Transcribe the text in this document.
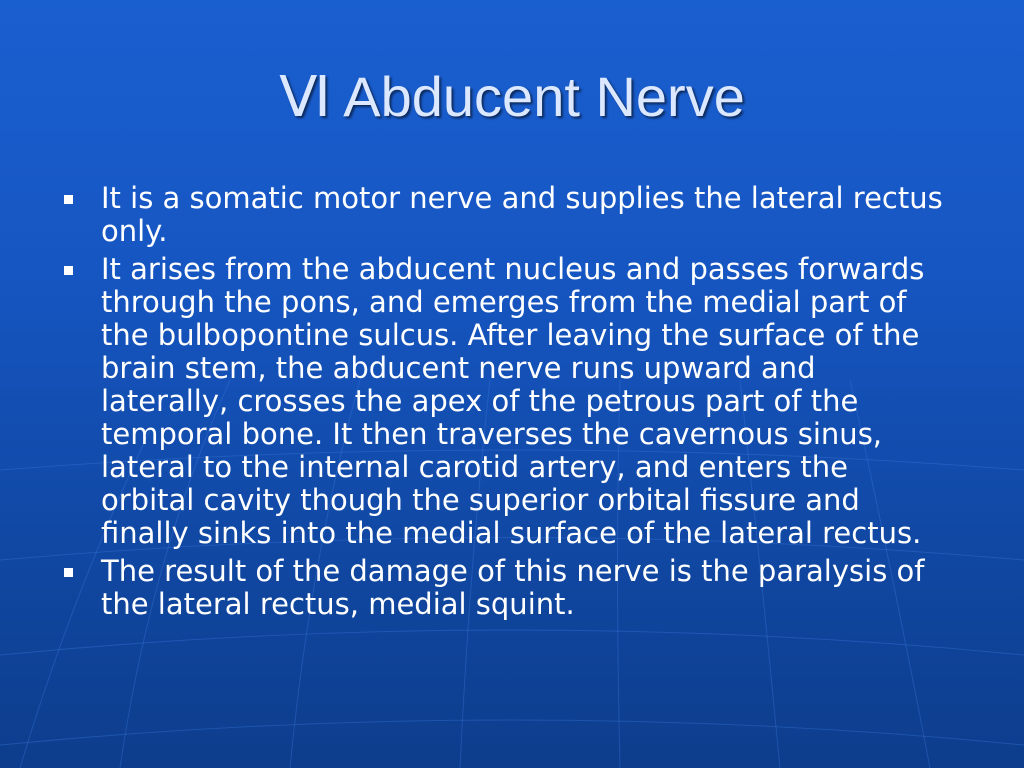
Ⅵ Abducent Nerve
It is a somatic motor nerve and supplies the lateral rectus only.
It arises from the abducent nucleus and passes forwards through the pons, and emerges from the medial part of the bulbopontine sulcus. After leaving the surface of the brain stem, the abducent nerve runs upward and laterally, crosses the apex of the petrous part of the temporal bone. It then traverses the cavernous sinus, lateral to the internal carotid artery, and enters the orbital cavity though the superior orbital fissure and finally sinks into the medial surface of the lateral rectus.
The result of the damage of this nerve is the paralysis of the lateral rectus, medial squint.
